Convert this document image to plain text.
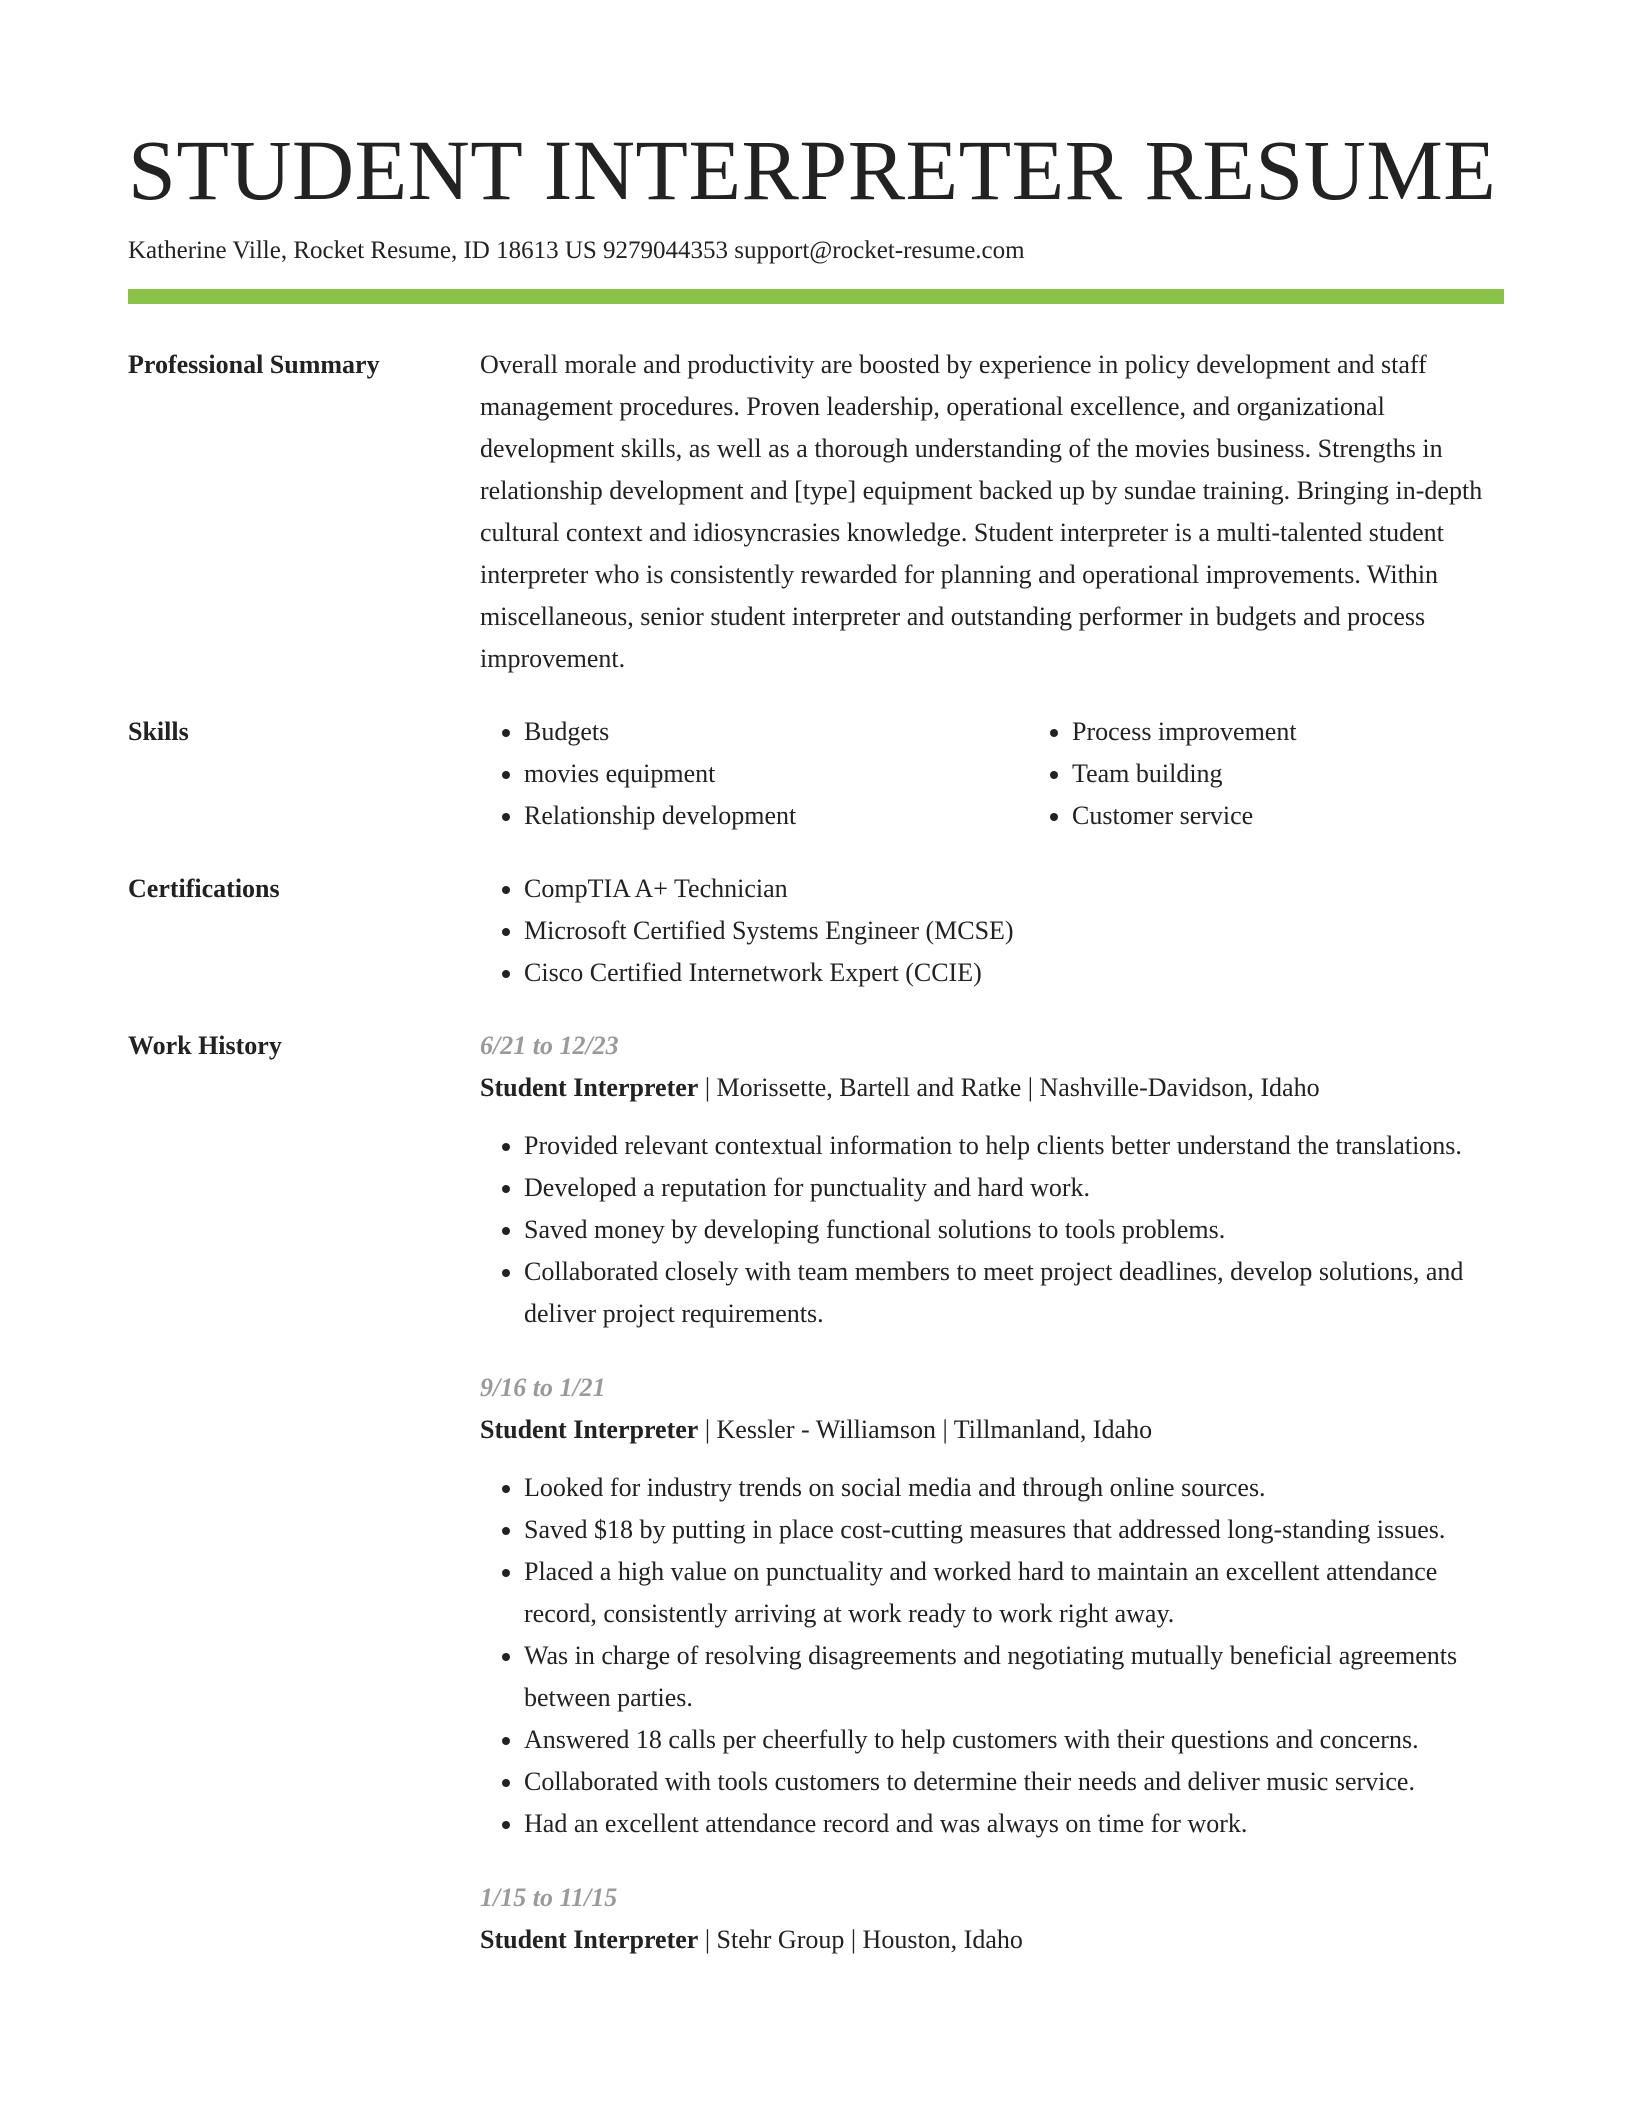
STUDENT INTERPRETER RESUME
Katherine Ville, Rocket Resume, ID 18613 US 9279044353 support@rocket-resume.com
Professional Summary	Overall morale and productivity are boosted by experience in policy development and staff management procedures. Proven leadership, operational excellence, and organizational development skills, as well as a thorough understanding of the movies business. Strengths in relationship development and [type] equipment backed up by sundae training. Bringing in-depth cultural context and idiosyncrasies knowledge. Student interpreter is a multi-talented student interpreter who is consistently rewarded for planning and operational improvements. Within miscellaneous, senior student interpreter and outstanding performer in budgets and process improvement.

Skills	• Budgets
• movies equipment
• Relationship development
• Process improvement
• Team building
• Customer service
Certifications	• CompTIA A+ Technician
• Microsoft Certified Systems Engineer (MCSE)
• Cisco Certified Internetwork Expert (CCIE)
Work History	6/21 to 12/23
Student Interpreter | Morissette, Bartell and Ratke | Nashville-Davidson, Idaho
• Provided relevant contextual information to help clients better understand the translations.
• Developed a reputation for punctuality and hard work.
• Saved money by developing functional solutions to tools problems.
• Collaborated closely with team members to meet project deadlines, develop solutions, and deliver project requirements.
9/16 to 1/21
Student Interpreter | Kessler - Williamson | Tillmanland, Idaho
• Looked for industry trends on social media and through online sources.
• Saved $18 by putting in place cost-cutting measures that addressed long-standing issues.
• Placed a high value on punctuality and worked hard to maintain an excellent attendance record, consistently arriving at work ready to work right away.
• Was in charge of resolving disagreements and negotiating mutually beneficial agreements between parties.
• Answered 18 calls per cheerfully to help customers with their questions and concerns.
• Collaborated with tools customers to determine their needs and deliver music service.
• Had an excellent attendance record and was always on time for work.
1/15 to 11/15
Student Interpreter | Stehr Group | Houston, Idaho
